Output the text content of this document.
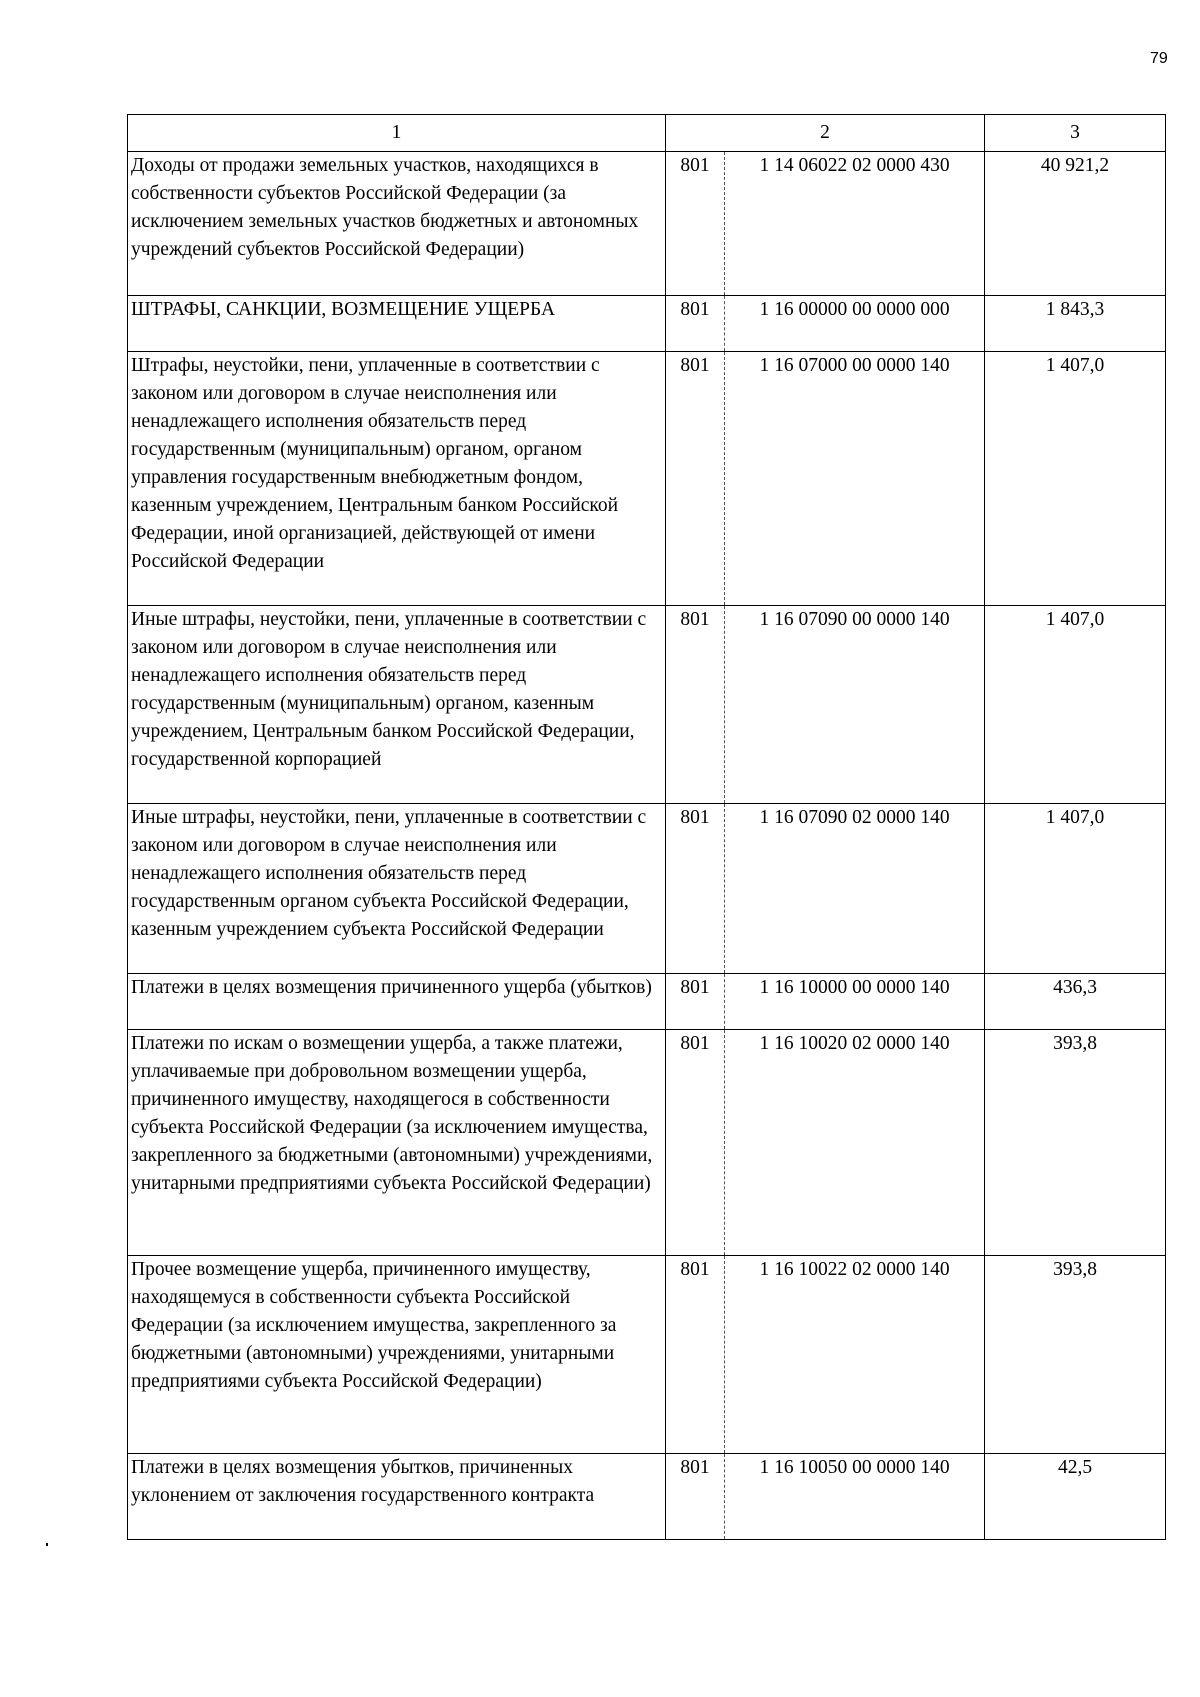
79
1	2		3
Доходы от продажи земельных участков, находящихся в собственности субъектов Российской Федерации (за исключением земельных участков бюджетных и автономных учреждений субъектов Российской Федерации)	801	1 14 06022 02 0000 430	40 921,2
ШТРАФЫ, САНКЦИИ, ВОЗМЕЩЕНИЕ УЩЕРБА	801	1 16 00000 00 0000 000	1 843,3
Штрафы, неустойки, пени, уплаченные в соответствии с законом или договором в случае неисполнения или ненадлежащего исполнения обязательств перед государственным (муниципальным) органом, органом управления государственным внебюджетным фондом, казенным учреждением, Центральным банком Российской Федерации, иной организацией, действующей от имени Российской Федерации	801	1 16 07000 00 0000 140	1 407,0
Иные штрафы, неустойки, пени, уплаченные в соответствии с законом или договором в случае неисполнения или ненадлежащего исполнения обязательств перед государственным (муниципальным) органом, казенным учреждением, Центральным банком Российской Федерации, государственной корпорацией	801	1 16 07090 00 0000 140	1 407,0
Иные штрафы, неустойки, пени, уплаченные в соответствии с законом или договором в случае неисполнения или ненадлежащего исполнения обязательств перед государственным органом субъекта Российской Федерации, казенным учреждением субъекта Российской Федерации	801	1 16 07090 02 0000 140	1 407,0
Платежи в целях возмещения причиненного ущерба (убытков)	801	1 16 10000 00 0000 140	436,3
Платежи по искам о возмещении ущерба, а также платежи, уплачиваемые при добровольном возмещении ущерба, причиненного имуществу, находящегося в собственности субъекта Российской Федерации (за исключением имущества, закрепленного за бюджетными (автономными) учреждениями, унитарными предприятиями субъекта Российской Федерации)	801	1 16 10020 02 0000 140	393,8
Прочее возмещение ущерба, причиненного имуществу, находящемуся в собственности субъекта Российской Федерации (за исключением имущества, закрепленного за бюджетными (автономными) учреждениями, унитарными предприятиями субъекта Российской Федерации)	801	1 16 10022 02 0000 140	393,8
Платежи в целях возмещения убытков, причиненных уклонением от заключения государственного контракта	801	1 16 10050 00 0000 140	42,5
